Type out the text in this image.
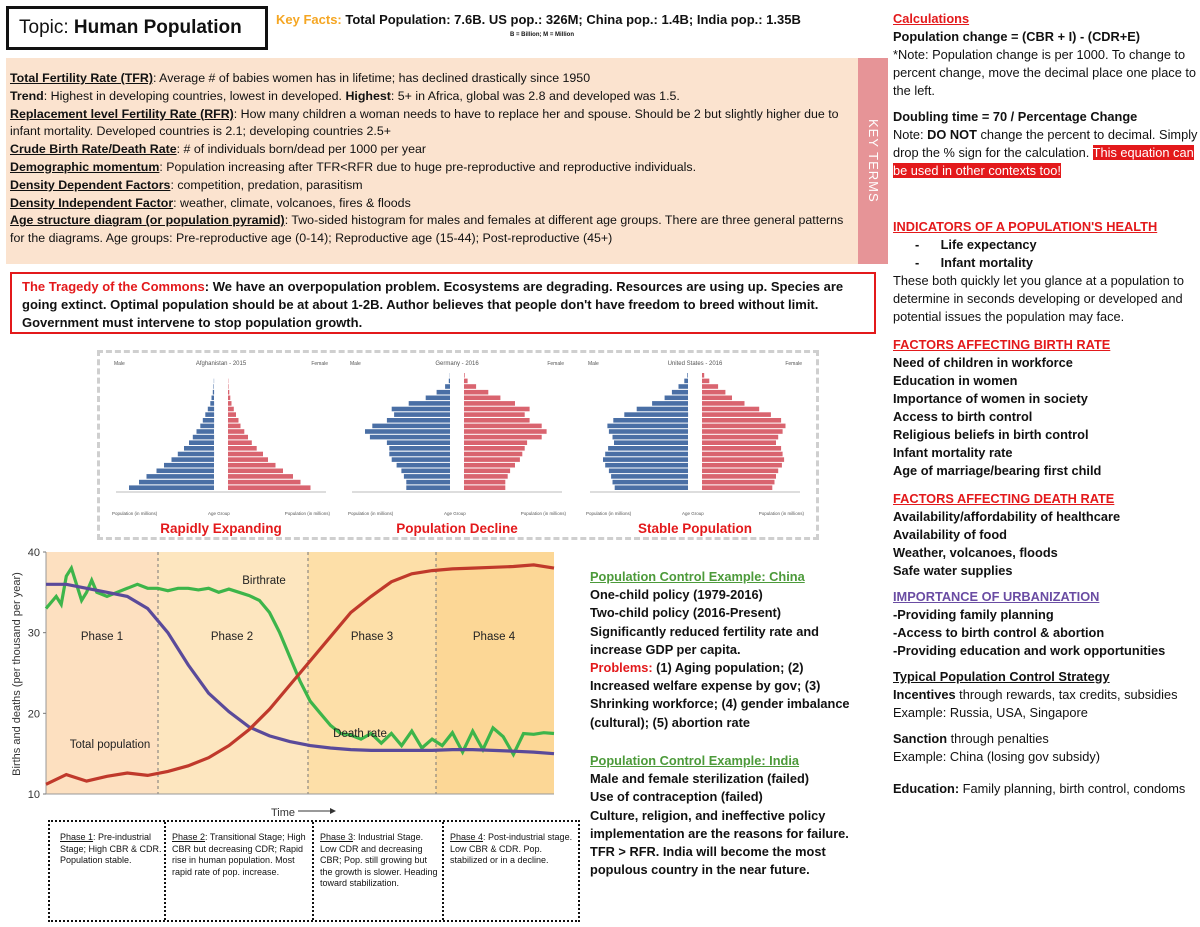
Topic: Human Population	Key Facts: Total Population: 7.6B. US pop.: 326M; China pop.: 1.4B; India pop.: 1.35B
B = Billion; M = Million
Total Fertility Rate (TFR): Average # of babies women has in lifetime; has declined drastically since 1950
Trend: Highest in developing countries, lowest in developed. Highest: 5+ in Africa, global was 2.8 and developed was 1.5.
Replacement level Fertility Rate (RFR): How many children a woman needs to have to replace her and spouse. Should be 2 but slightly higher due to infant mortality. Developed countries is 2.1; developing countries 2.5+
Crude Birth Rate/Death Rate: # of individuals born/dead per 1000 per year
Demographic momentum: Population increasing after TFR<RFR due to huge pre-reproductive and reproductive individuals.
Density Dependent Factors: competition, predation, parasitism
Density Independent Factor: weather, climate, volcanoes, fires & floods
Age structure diagram (or population pyramid): Two-sided histogram for males and females at different age groups. There are three general patterns for the diagrams. Age groups: Pre-reproductive age (0-14); Reproductive age (15-44); Post-reproductive (45+)
KEY TERMS
The Tragedy of the Commons: We have an overpopulation problem. Ecosystems are degrading. Resources are using up. Species are going extinct. Optimal population should be at about 1-2B. Author believes that people don't have freedom to breed without limit. Government must intervene to stop population growth.
Afghanistan - 2015
Male	Female
Population (in millions)	Age Group	Population (in millions)
Germany - 2016
Male	Female
Population (in millions)	Age Group	Population (in millions)
United States - 2016
Male	Female
Population (in millions)	Age Group	Population (in millions)
Rapidly Expanding	Population Decline	Stable Population
10
20
30
40
Births and deaths (per thousand per year)
Time
Phase 1	Phase 2	Phase 3	Phase 4
Birthrate
Death rate
Total population
Phase 1: Pre-industrial Stage; High CBR & CDR. Population stable.
Phase 2: Transitional Stage; High CBR but decreasing CDR; Rapid rise in human population. Most rapid rate of pop. increase.
Phase 3: Industrial Stage. Low CDR and decreasing CBR; Pop. still growing but the growth is slower. Heading toward stabilization.
Phase 4: Post-industrial stage. Low CBR & CDR. Pop. stabilized or in a decline.
Population Control Example: China
One-child policy (1979-2016)
Two-child policy (2016-Present)
Significantly reduced fertility rate and increase GDP per capita.
Problems: (1) Aging population; (2) Increased welfare expense by gov; (3) Shrinking workforce; (4) gender imbalance (cultural); (5) abortion rate
Population Control Example: India
Male and female sterilization (failed)
Use of contraception (failed)
Culture, religion, and ineffective policy implementation are the reasons for failure.
TFR > RFR. India will become the most populous country in the near future.
Calculations
Population change = (CBR + I) - (CDR+E)
*Note: Population change is per 1000. To change to percent change, move the decimal place one place to the left.
Doubling time = 70 / Percentage Change
Note: DO NOT change the percent to decimal. Simply drop the % sign for the calculation. This equation can be used in other contexts too!
INDICATORS OF A POPULATION'S HEALTH
-      Life expectancy
-      Infant mortality
These both quickly let you glance at a population to determine in seconds developing or developed and potential issues the population may face.
FACTORS AFFECTING BIRTH RATE
Need of children in workforce
Education in women
Importance of women in society
Access to birth control
Religious beliefs in birth control
Infant mortality rate
Age of marriage/bearing first child
FACTORS AFFECTING DEATH RATE
Availability/affordability of healthcare
Availability of food
Weather, volcanoes, floods
Safe water supplies
IMPORTANCE OF URBANIZATION
-Providing family planning
-Access to birth control & abortion
-Providing education and work opportunities
Typical Population Control Strategy
Incentives through rewards, tax credits, subsidies
Example: Russia, USA, Singapore
Sanction through penalties
Example: China (losing gov subsidy)
Education: Family planning, birth control, condoms
